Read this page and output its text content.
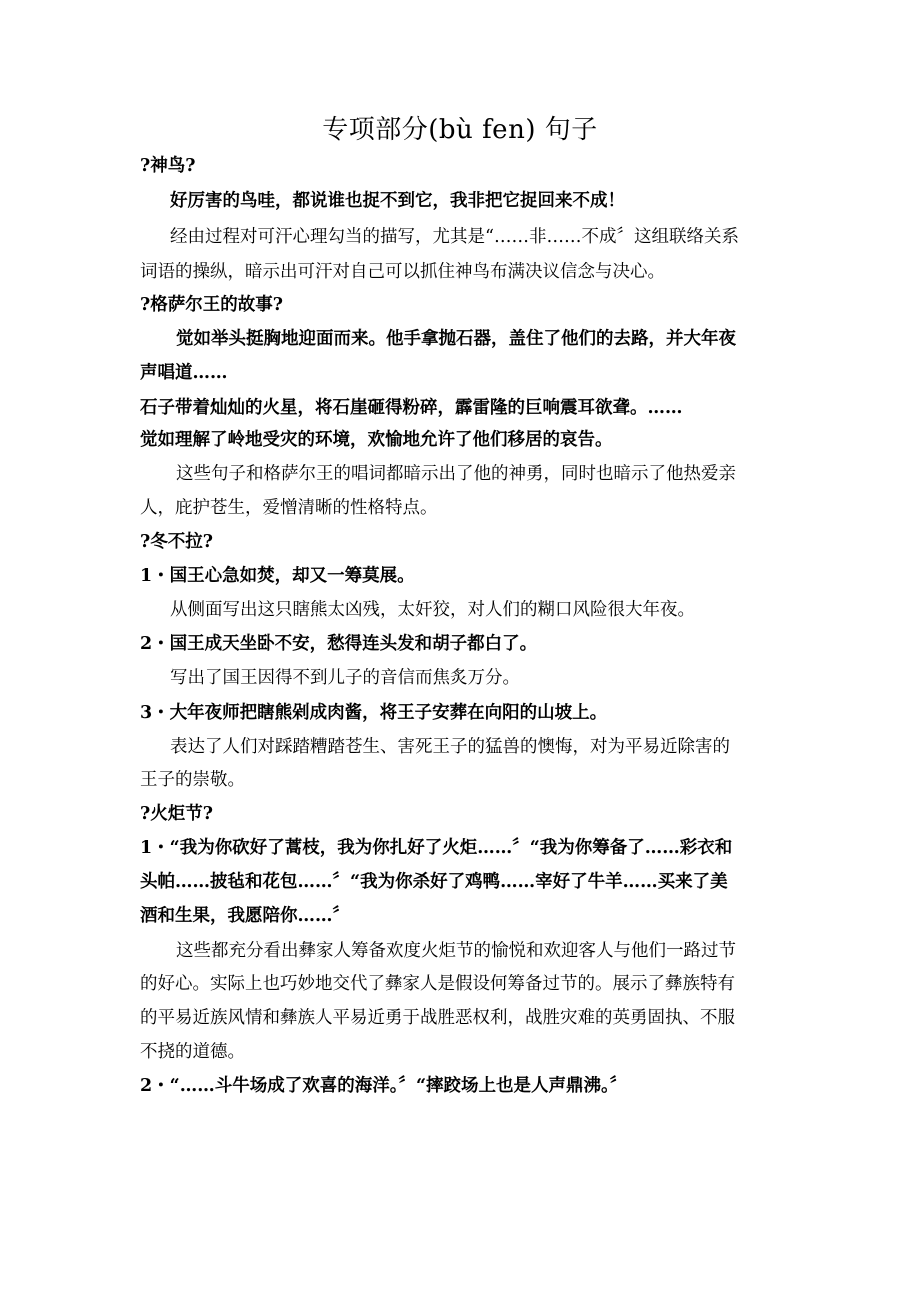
专项部分(bù fen) 句子
?神鸟?
好厉害的鸟哇，都说谁也捉不到它，我非把它捉回来不成！
经由过程对可汗心理勾当的描写，尤其是“……非……不成〞这组联络关系
词语的操纵，暗示出可汗对自己可以抓住神鸟布满决议信念与决心。
?格萨尔王的故事?
觉如举头挺胸地迎面而来。他手拿抛石器，盖住了他们的去路，并大年夜
声唱道……
石子带着灿灿的火星，将石崖砸得粉碎，霹雷隆的巨响震耳欲聋。……
觉如理解了岭地受灾的环境，欢愉地允许了他们移居的哀告。
这些句子和格萨尔王的唱词都暗示出了他的神勇，同时也暗示了他热爱亲
人，庇护苍生，爱憎清晰的性格特点。
?冬不拉?
1・国王心急如焚，却又一筹莫展。
从侧面写出这只瞎熊太凶残，太奸狡，对人们的糊口风险很大年夜。
2・国王成天坐卧不安，愁得连头发和胡子都白了。
写出了国王因得不到儿子的音信而焦炙万分。
3・大年夜师把瞎熊剁成肉酱，将王子安葬在向阳的山坡上。
表达了人们对踩踏糟踏苍生、害死王子的猛兽的懊悔，对为平易近除害的
王子的崇敬。
?火炬节?
1・“我为你砍好了蒿枝，我为你扎好了火炬……〞“我为你筹备了……彩衣和
头帕……披毡和花包……〞“我为你杀好了鸡鸭……宰好了牛羊……买来了美
酒和生果，我愿陪你……〞
这些都充分看出彝家人筹备欢度火炬节的愉悦和欢迎客人与他们一路过节
的好心。实际上也巧妙地交代了彝家人是假设何筹备过节的。展示了彝族特有
的平易近族风情和彝族人平易近勇于战胜恶权利，战胜灾难的英勇固执、不服
不挠的道德。
2・“……斗牛场成了欢喜的海洋。〞“摔跤场上也是人声鼎沸。〞
